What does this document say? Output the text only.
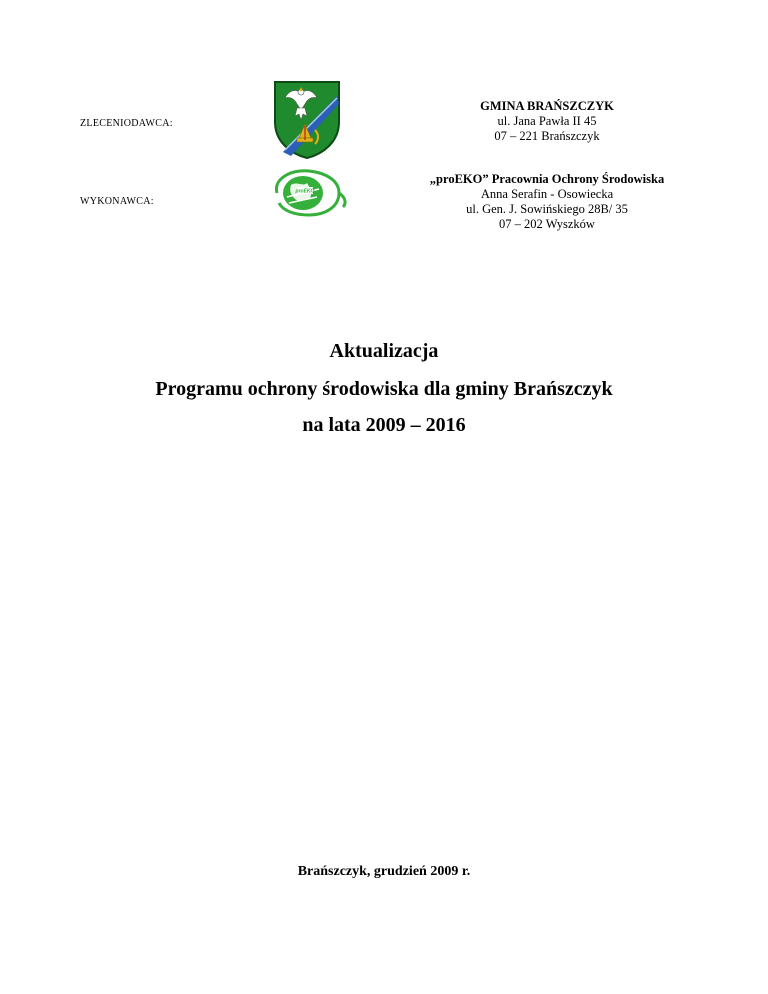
ZLECENIODAWCA:
WYKONAWCA:
proEKO
GMINA BRAŃSZCZYK
ul. Jana Pawła II 45
07 – 221 Brańszczyk
„proEKO” Pracownia Ochrony Środowiska
Anna Serafin - Osowiecka
ul. Gen. J. Sowińskiego 28B/ 35
07 – 202 Wyszków
Aktualizacja
Programu ochrony środowiska dla gminy Brańszczyk
na lata 2009 – 2016
Brańszczyk, grudzień 2009 r.
